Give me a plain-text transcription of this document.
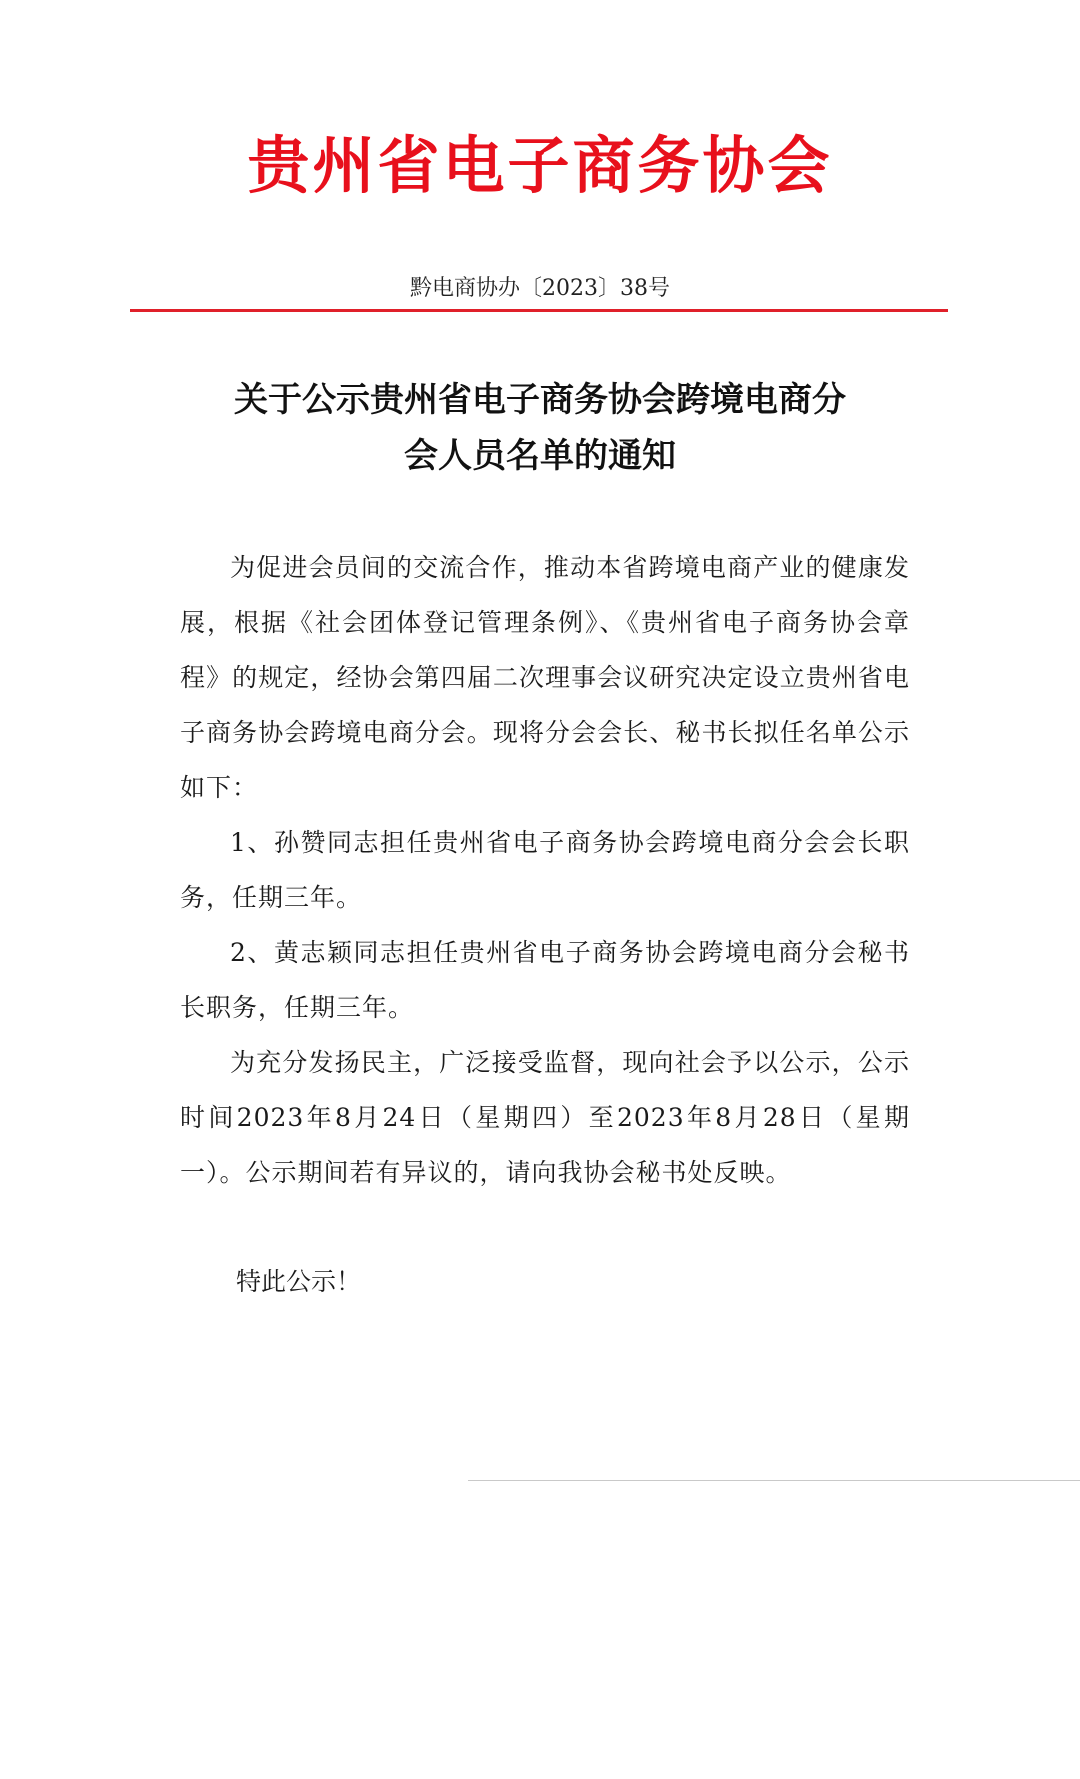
贵州省电子商务协会
黔电商协办〔2023〕38号
关于公示贵州省电子商务协会跨境电商分
会人员名单的通知

为促进会员间的交流合作，推动本省跨境电商产业的健康发展，根据《社会团体登记管理条例》、《贵州省电子商务协会章程》的规定，经协会第四届二次理事会议研究决定设立贵州省电子商务协会跨境电商分会。现将分会会长、秘书长拟任名单公示如下：

1、孙赞同志担任贵州省电子商务协会跨境电商分会会长职务，任期三年。

2、黄志颖同志担任贵州省电子商务协会跨境电商分会秘书长职务，任期三年。

为充分发扬民主，广泛接受监督，现向社会予以公示，公示时间2023年8月24日（星期四）至2023年8月28日（星期一）。公示期间若有异议的，请向我协会秘书处反映。

特此公示！
